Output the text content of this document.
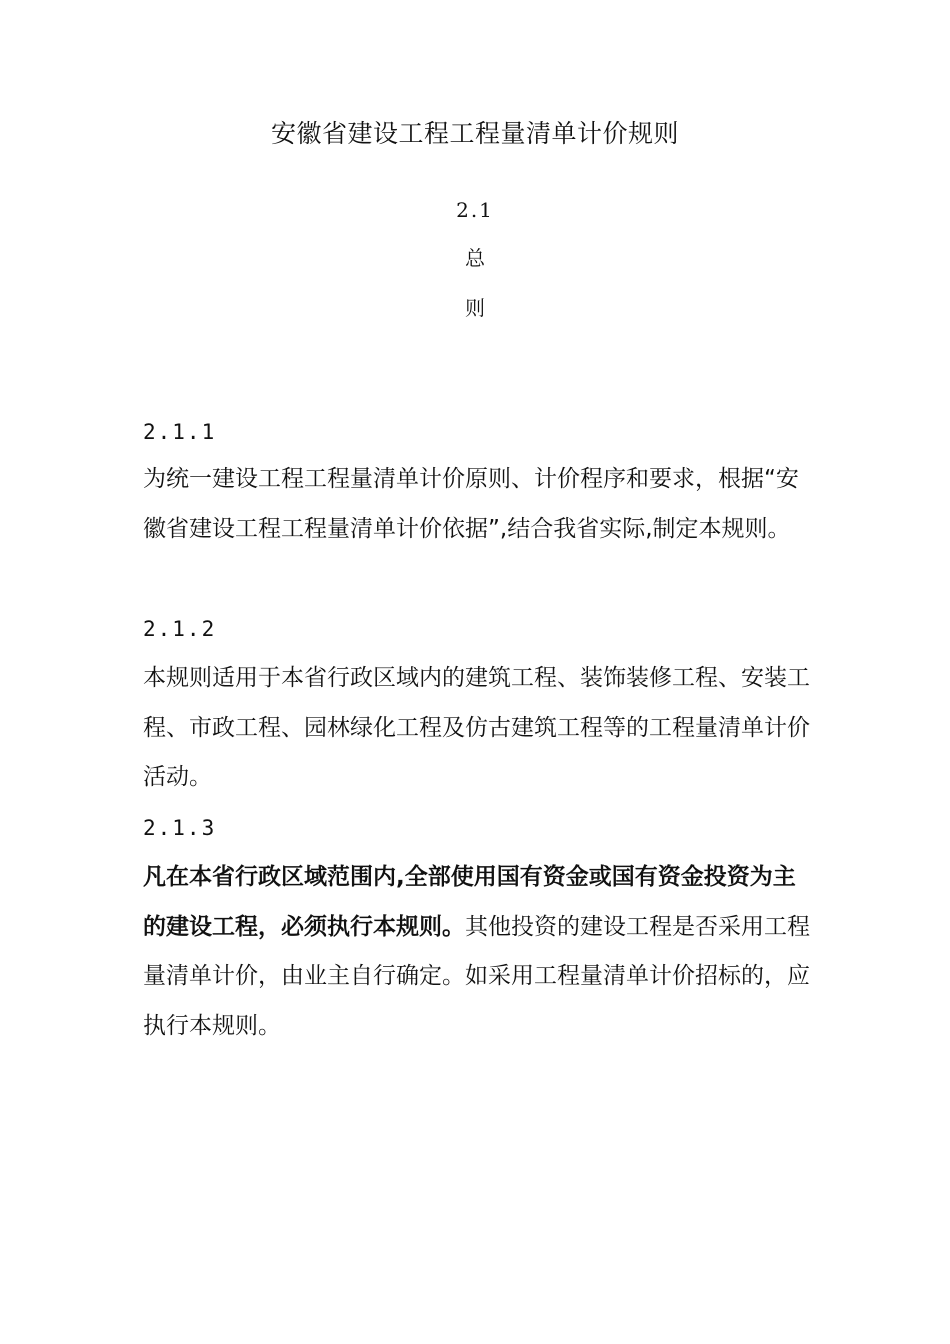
安徽省建设工程工程量清单计价规则
2.1
总
则
2.1.1

为统一建设工程工程量清单计价原则、计价程序和要求，根据“安徽省建设工程工程量清单计价依据”,结合我省实际,制定本规则。

2.1.2

本规则适用于本省行政区域内的建筑工程、装饰装修工程、安装工程、市政工程、园林绿化工程及仿古建筑工程等的工程量清单计价活动。

2.1.3

凡在本省行政区域范围内,全部使用国有资金或国有资金投资为主的建设工程，必须执行本规则。其他投资的建设工程是否采用工程量清单计价，由业主自行确定。如采用工程量清单计价招标的，应执行本规则。
